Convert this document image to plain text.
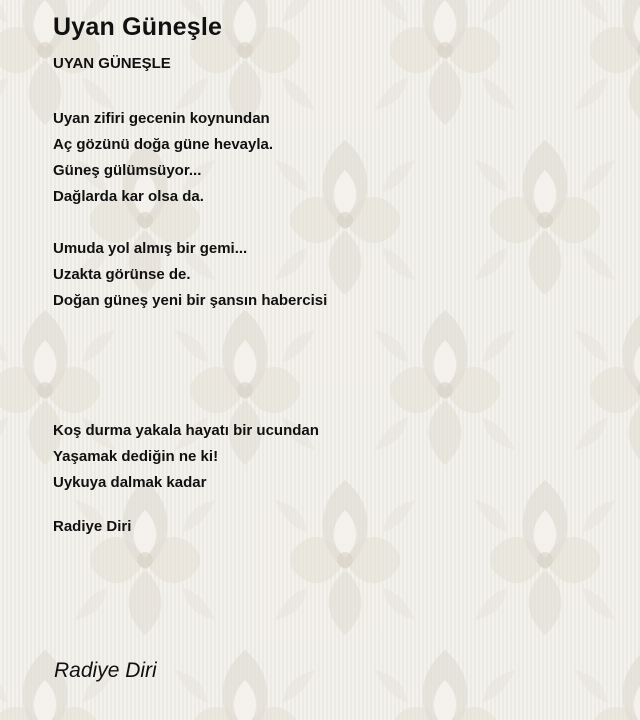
Uyan Güneşle
UYAN GÜNEŞLE
Uyan zifiri gecenin koynundan
Aç gözünü doğa güne hevayla.
Güneş gülümsüyor...
Dağlarda kar olsa da.
Umuda yol almış bir gemi...
Uzakta görünse de.
Doğan güneş yeni bir şansın habercisi
Koş durma yakala hayatı bir ucundan
Yaşamak dediğin ne ki!
Uykuya dalmak kadar
Radiye Diri
Radiye Diri
